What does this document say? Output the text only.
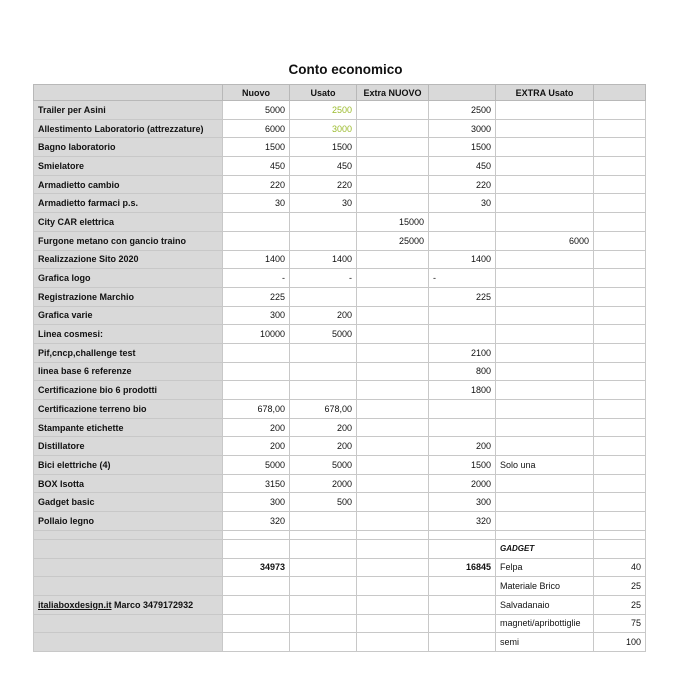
Conto economico
	Nuovo	Usato	Extra NUOVO		EXTRA Usato	
Trailer per Asini	5000	2500		2500		
Allestimento Laboratorio (attrezzature)	6000	3000		3000		
Bagno laboratorio	1500	1500		1500		
Smielatore	450	450		450		
Armadietto cambio	220	220		220		
Armadietto farmaci p.s.	30	30		30		
City CAR elettrica			15000			
Furgone metano con gancio traino			25000		6000	
Realizzazione Sito 2020	1400	1400		1400		
Grafica logo	-	-		-		
Registrazione Marchio	225			225		
Grafica varie	300	200				
Linea cosmesi:	10000	5000				
Pif,cncp,challenge test				2100		
linea base 6 referenze				800		
Certificazione bio 6 prodotti				1800		
Certificazione terreno bio	678,00	678,00				
Stampante etichette	200	200				
Distillatore	200	200		200		
Bici elettriche (4)	5000	5000		1500	Solo una	
BOX Isotta	3150	2000		2000		
Gadget basic	300	500		300		
Pollaio legno	320			320		

					GADGET	
	34973			16845	Felpa	40
					Materiale Brico	25
italiaboxdesign.it Marco 3479172932					Salvadanaio	25
					magneti/apribottiglie	75
					semi	100
